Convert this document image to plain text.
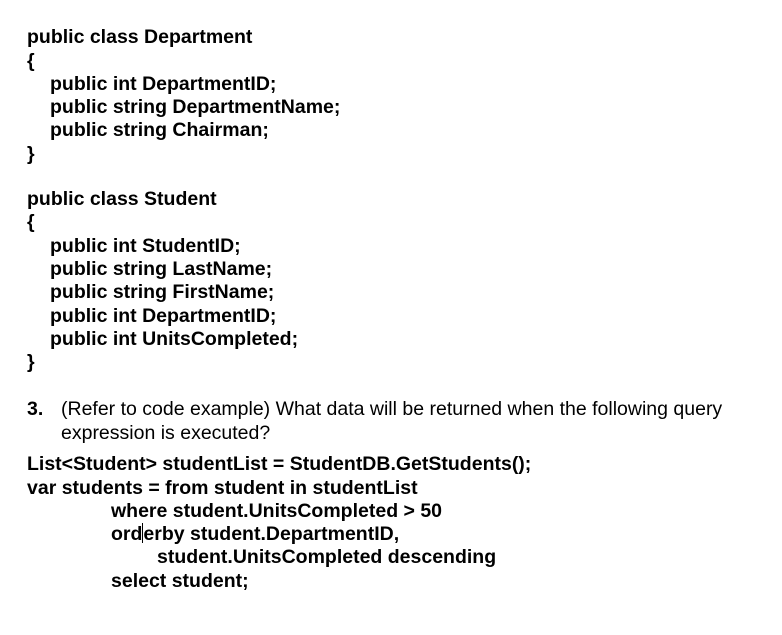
public class Department
{
public int DepartmentID;
public string DepartmentName;
public string Chairman;
}
public class Student
{
public int StudentID;
public string LastName;
public string FirstName;
public int DepartmentID;
public int UnitsCompleted;
}
3. (Refer to code example) What data will be returned when the following query
expression is executed?
List<Student> studentList = StudentDB.GetStudents();
var students = from student in studentList
where student.UnitsCompleted > 50
orderby student.DepartmentID,
student.UnitsCompleted descending
select student;
